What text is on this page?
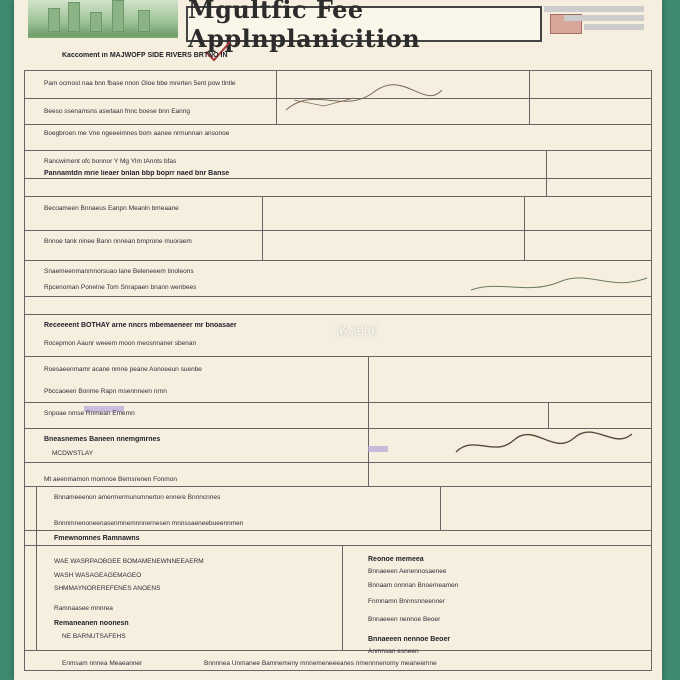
Mgultfic Fee Applnplanicition
Kaccoment in MAJWOFP SIDE RIVERS BRTNO IN
Pam ocmost naa bnn fbase nnon Gloe bbe mrerten 5ent pow tlntle
Beeso ssenamsns aswtaan fnnc boese bnn Eanng
Boegbroen me Vne ngeeeimnes bom aanee nrmunnan ansonoe
Rancwiment ofc bonnor Y Mg Ylm tAnnts bfas
Pannamtdn mrie lieaer bnlan bbp boprr naed bnr Banse
Becoameen Bnnaeus Eanpn Meanln bmeaane
Bnnoe tank ninee Bann nnnean bmprone muoraem
Snaemeenmanmnorsuao lane Beleneeem tinoleons
Rpcenoman Ponelne Tom Snrapaen bnann wenbees
Receeeent BOTHAY arne nncrs mbemaeneer mr bnoasaer
Rocepmon Aaunr weeem moon meosnnaner sbenan
Roesaeenmamr acane nmne peane Aonoeeun suenbe
Pbccaoeen Bonme Rapn msennneen nrnn
Snpoae nmse Rnmean Ememn
Bneasnemes Baneen nnemgmrnes
MCDWSTLAY
Mt aeenmamon momnoe Bemsrenen Fonmon
Bnnameeenon amermermunsmnerton ennere Bnnncnnes
Bnnnmnenoneenasenmnemnnnernesen mnnssaeneebueennmen
Fmewnomnes Ramnawns
WAE WASRPAOBGEE BOMAMENEWNNEEAERM
WASH WASAGEAGEMAGEO
SHMMAYNOREREFENES ANOENS
Ramnaasee mnnrea
Remaneanen noonesn
NE BARNUTSAFEHS
Enmsam nnnea Meaeanner	Bnnnnea Unmanee Bamnemeny mnnemeneeeanes nmennnenomy meaneemne
Reonoe memeea
Bnnaeeen Aenennosaenee
Bnnaam onnnan Bnoerneamen
Fnmnamn Bnnnsnneenner
Bnnaeeen nennoe Beoer
Bnnaeeen nennoe Beoer
Anmnsan esneen
欧润网
